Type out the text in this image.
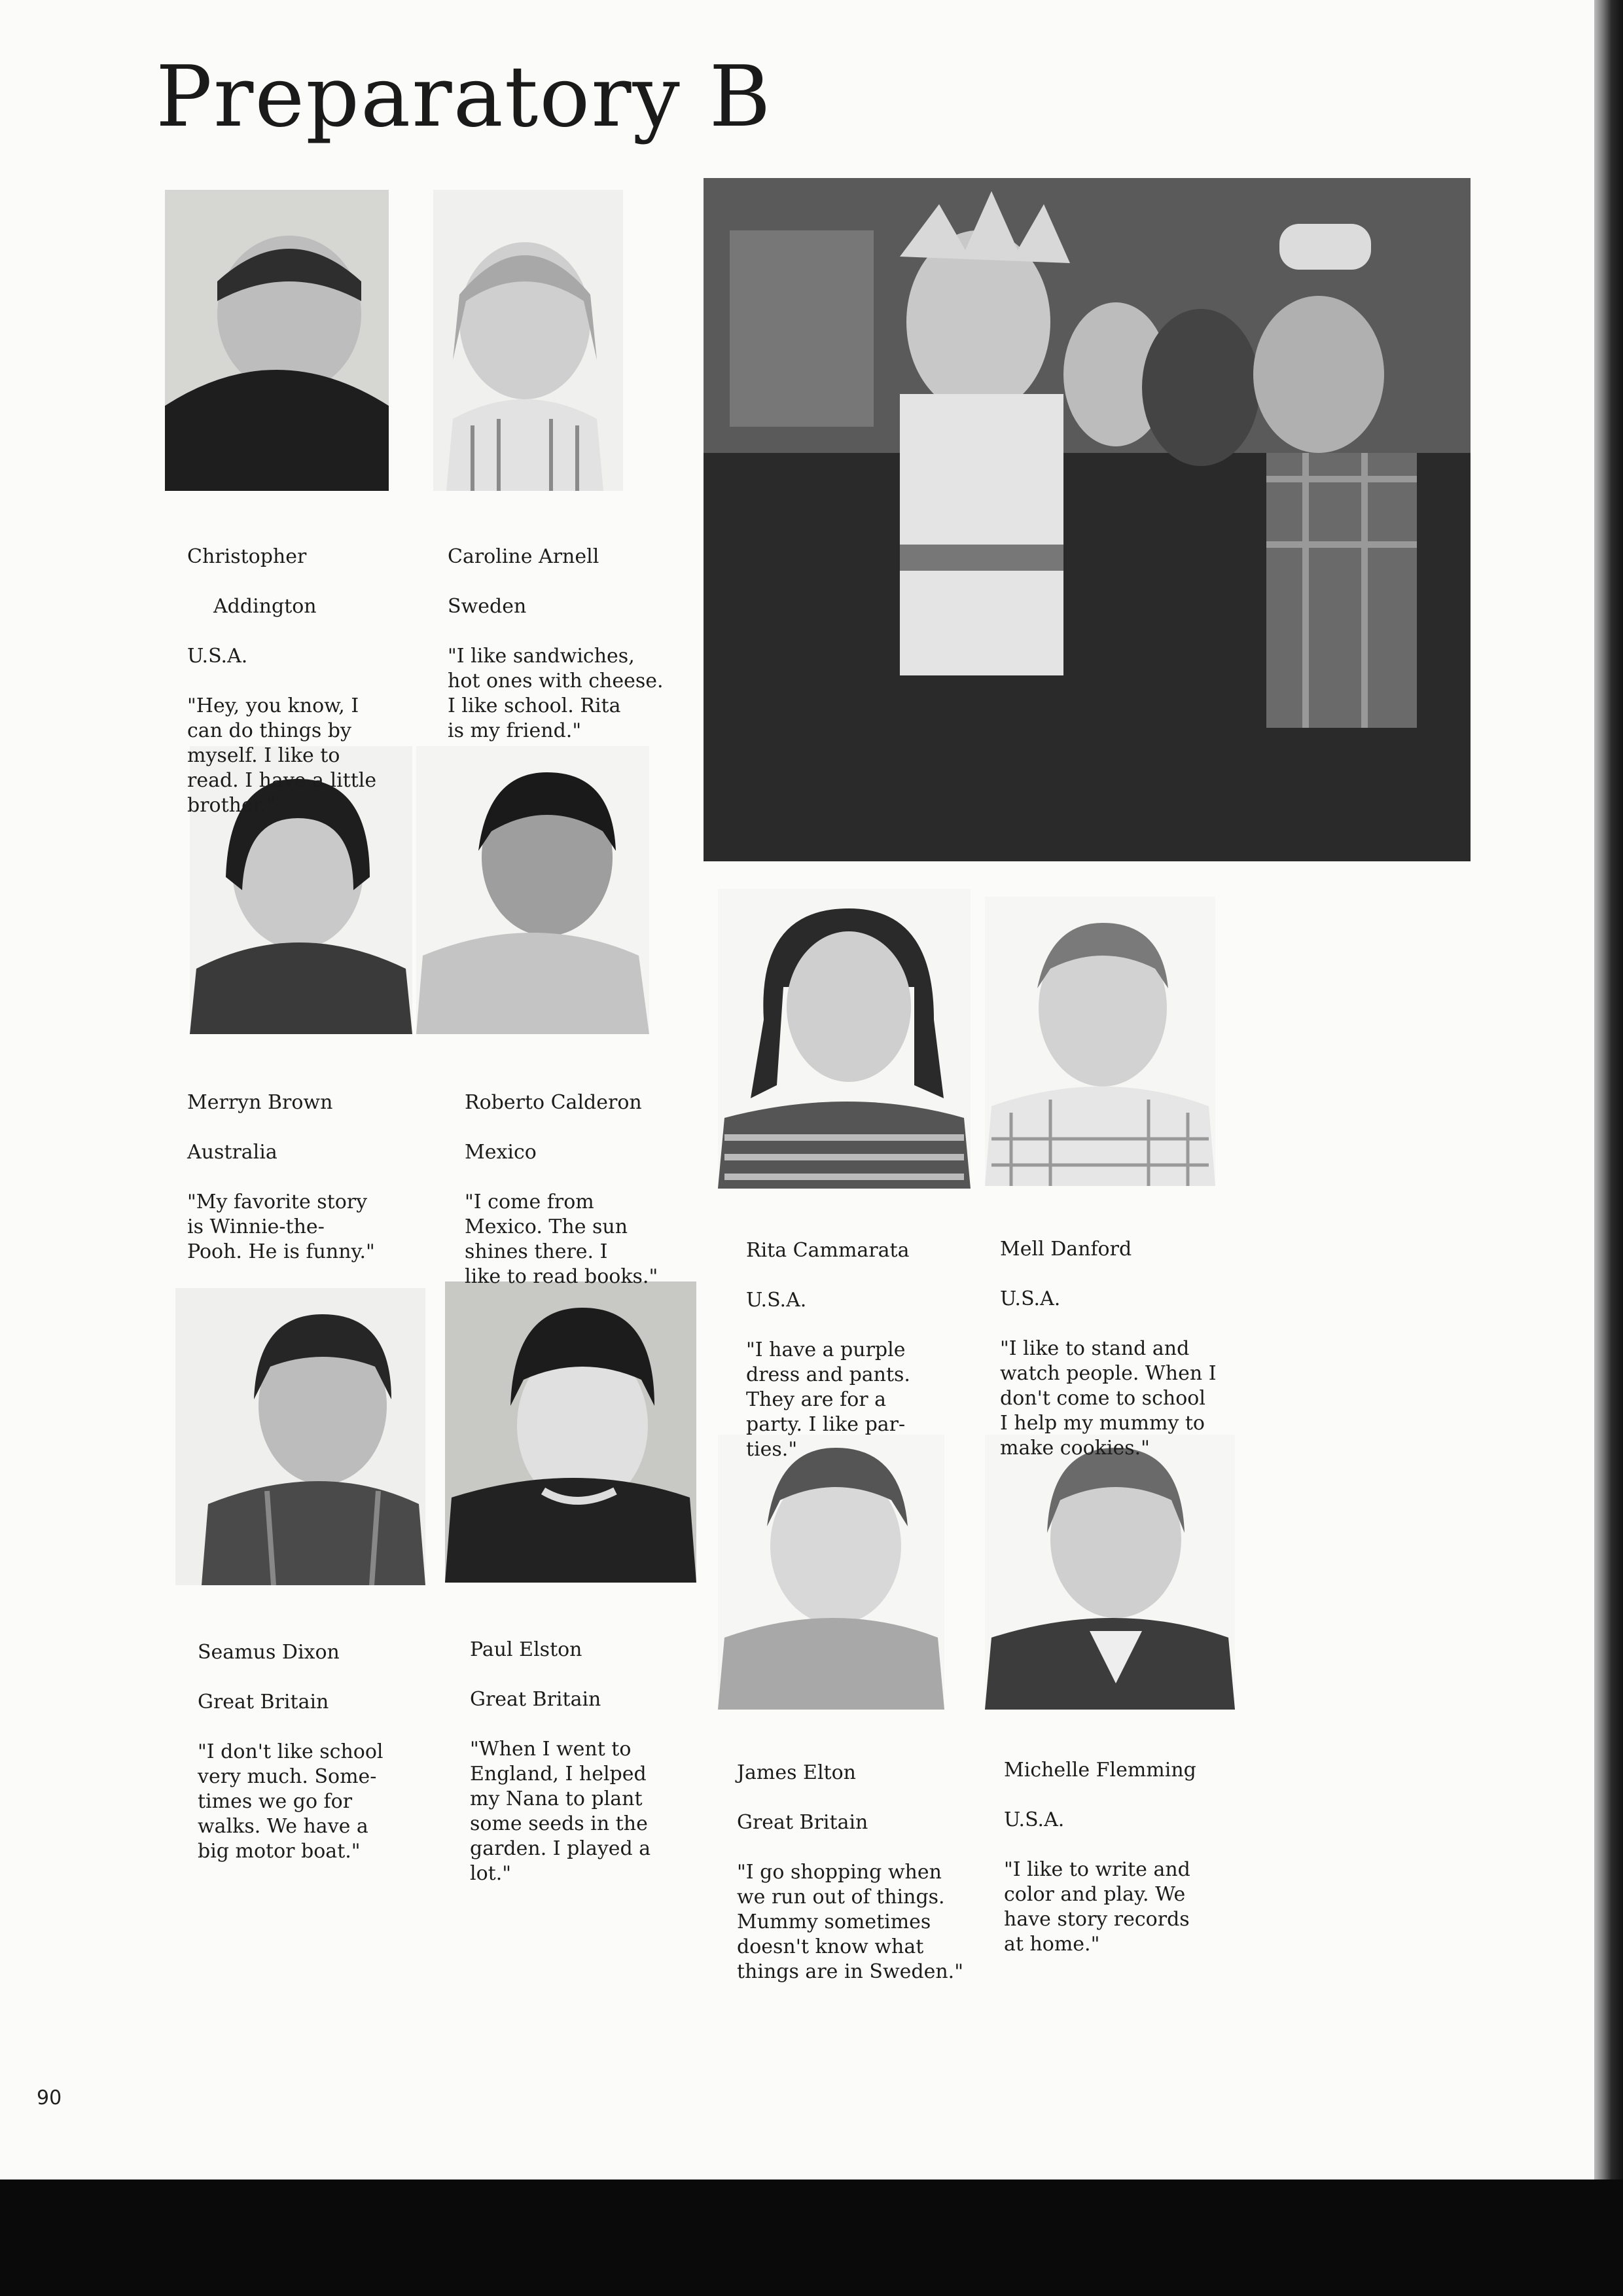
Preparatory B

Christopher

Addington

U.S.A.

"Hey, you know, I
can do things by
myself. I like to
read. I have a little
brother."

Caroline Arnell

Sweden

"I like sandwiches,
hot ones with cheese.
I like school. Rita
is my friend."

Merryn Brown

Australia

"My favorite story
is Winnie-the-
Pooh. He is funny."

Roberto Calderon

Mexico

"I come from
Mexico. The sun
shines there. I
like to read books."

Rita Cammarata

U.S.A.

"I have a purple
dress and pants.
They are for a
party. I like par-
ties."

Mell Danford

U.S.A.

"I like to stand and
watch people. When I
don't come to school
I help my mummy to
make cookies."

Seamus Dixon

Great Britain

"I don't like school
very much. Some-
times we go for
walks. We have a
big motor boat."

Paul Elston

Great Britain

"When I went to
England, I helped
my Nana to plant
some seeds in the
garden. I played a
lot."

James Elton

Great Britain

"I go shopping when
we run out of things.
Mummy sometimes
doesn't know what
things are in Sweden."

Michelle Flemming

U.S.A.

"I like to write and
color and play. We
have story records
at home."

90
